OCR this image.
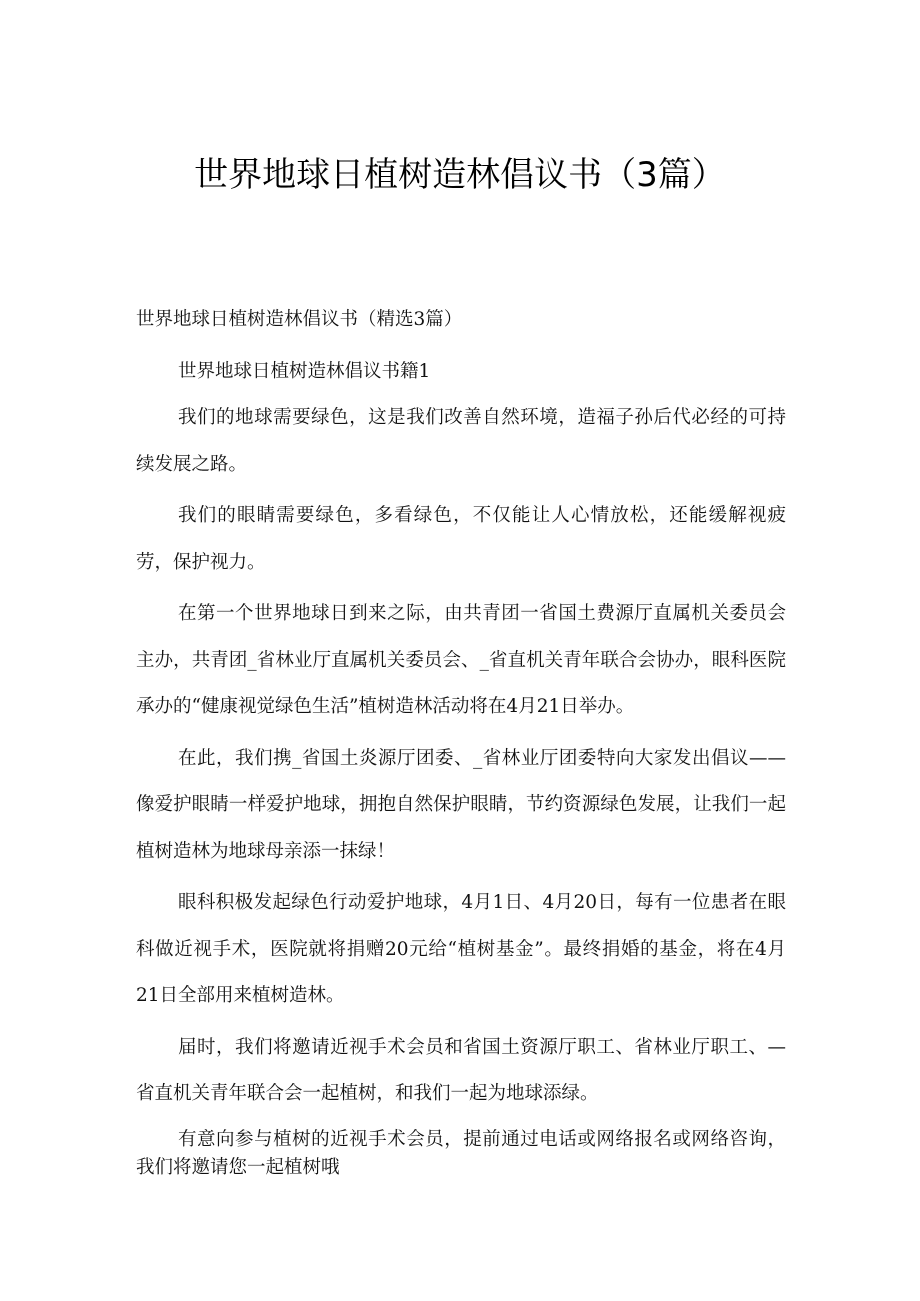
世界地球日植树造林倡议书（3篇）

世界地球日植树造林倡议书（精选3篇）

世界地球日植树造林倡议书籍1

我们的地球需要绿色，这是我们改善自然环境，造福子孙后代必经的可持续发展之路。

我们的眼睛需要绿色，多看绿色，不仅能让人心情放松，还能缓解视疲劳，保护视力。

在第一个世界地球日到来之际，由共青团一省国土费源厅直属机关委员会主办，共青团_省林业厅直属机关委员会、_省直机关青年联合会协办，眼科医院承办的“健康视觉绿色生活”植树造林活动将在4月21日举办。

在此，我们携_省国土炎源厅团委、_省林业厅团委特向大家发出倡议——像爱护眼睛一样爱护地球，拥抱自然保护眼睛，节约资源绿色发展，让我们一起植树造林为地球母亲添一抹绿！

眼科积极发起绿色行动爱护地球，4月1日、4月20日，每有一位患者在眼科做近视手术，医院就将捐赠20元给“植树基金”。最终捐婚的基金，将在4月21日全部用来植树造林。

届时，我们将邀请近视手术会员和省国土资源厅职工、省林业厅职工、—省直机关青年联合会一起植树，和我们一起为地球添绿。

有意向参与植树的近视手术会员，提前通过电话或网络报名或网络咨询，我们将邀请您一起植树哦
